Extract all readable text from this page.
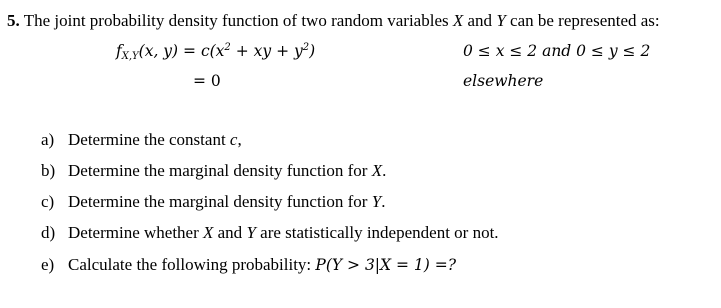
5. The joint probability density function of two random variables X and Y can be represented as:
$f_{X,Y}(x$, $y) = c(x^2$ + xy + $y^2$)	0 ≤ x ≤ 2 and 0 ≤ y ≤ 2
= 0	elsewhere
a) Determine the constant c,
b) Determine the marginal density function for X.
c) Determine the marginal density function for Y.
d) Determine whether X and Y are statistically independent or not.
e) Calculate the following probability: P(Y > 3|X = 1) =?
